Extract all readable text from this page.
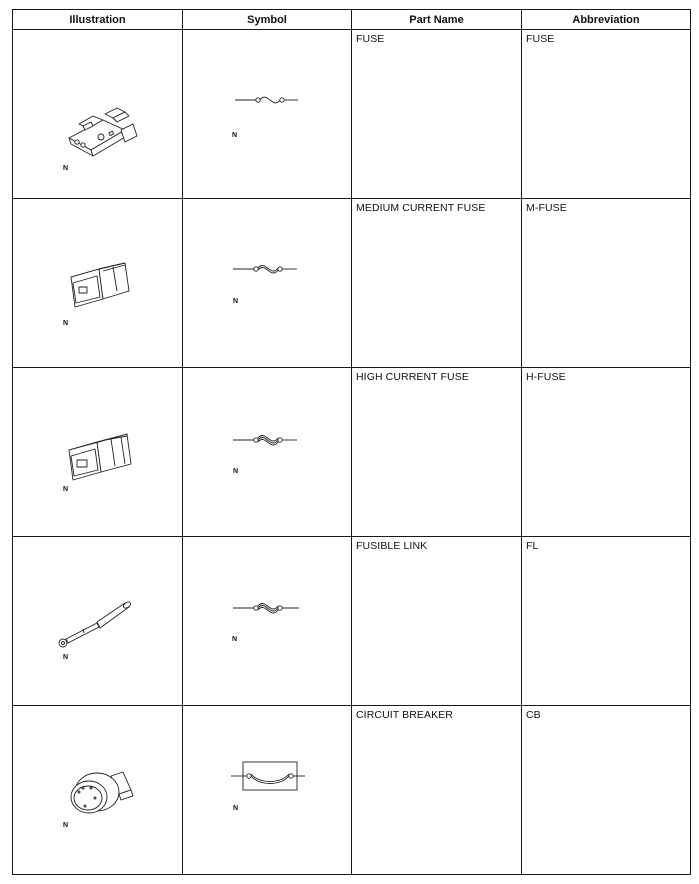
Illustration	Symbol	Part Name	Abbreviation

N	N	FUSE	FUSE

N	N	MEDIUM CURRENT FUSE	M-FUSE

N	N	HIGH CURRENT FUSE	H-FUSE

N	N	FUSIBLE LINK	FL

N	N	CIRCUIT BREAKER	CB
